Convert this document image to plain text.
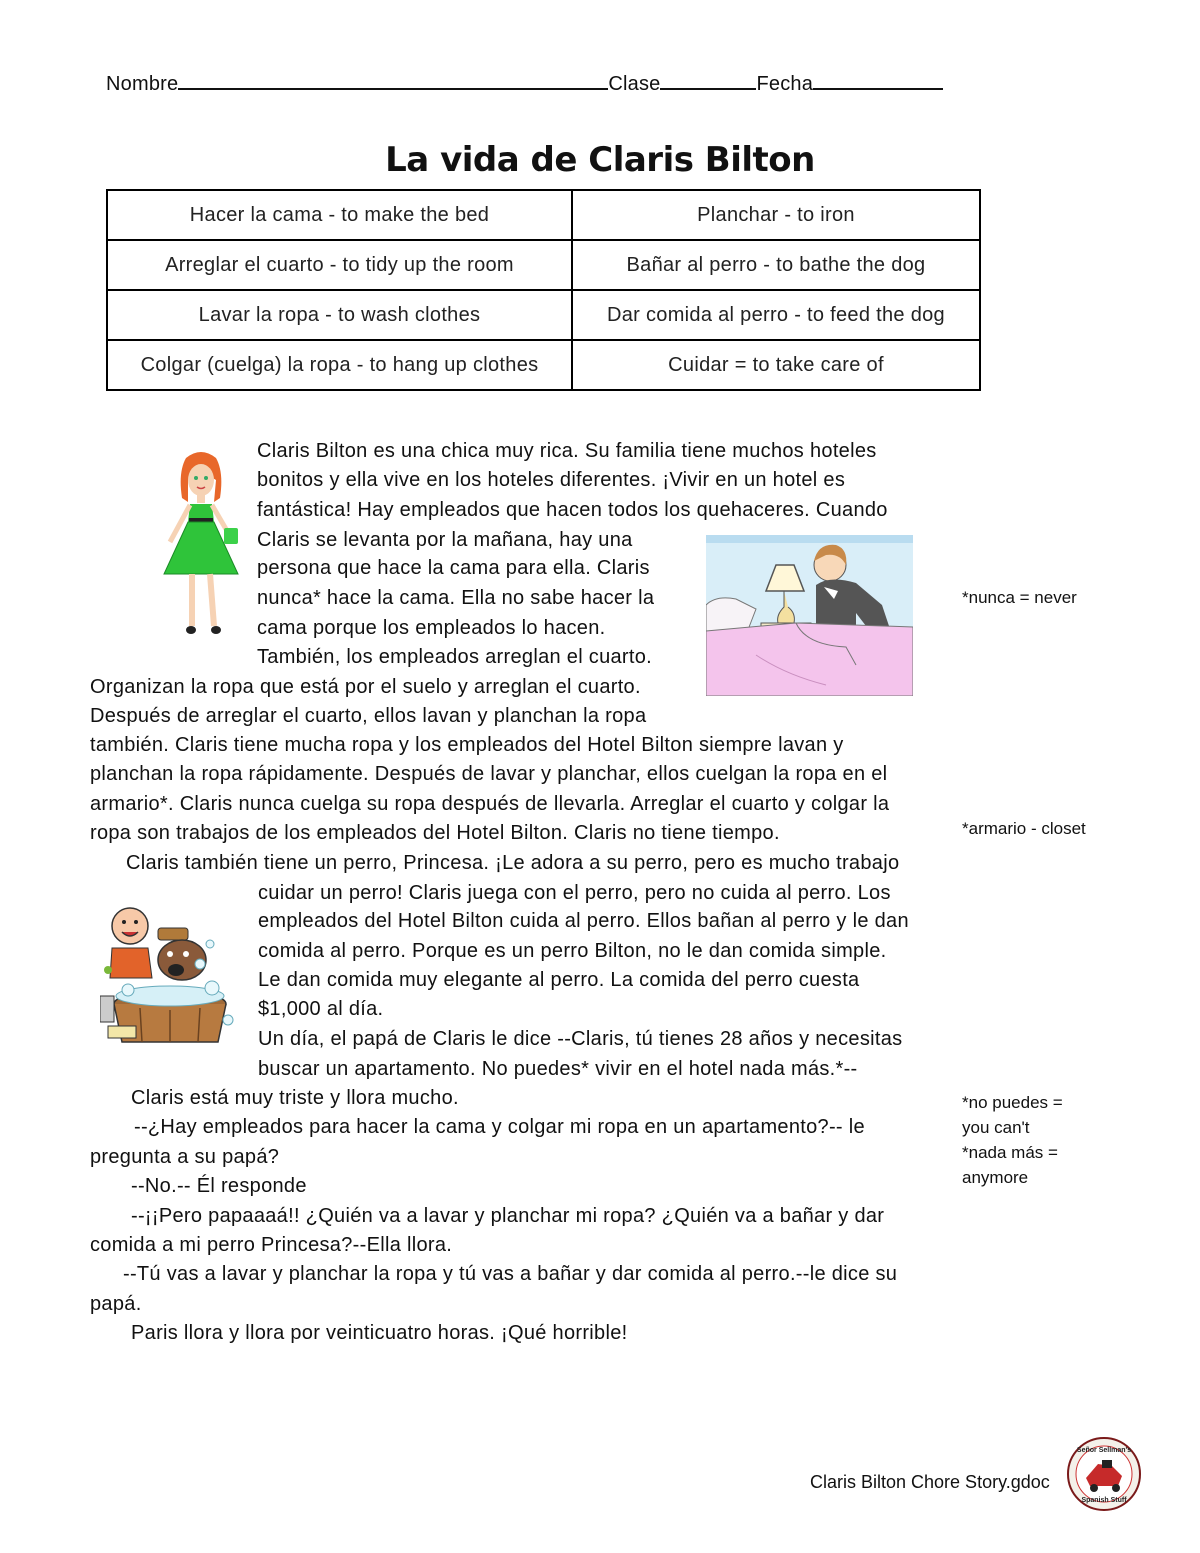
Nombre	Clase	Fecha
La vida de Claris Bilton
Hacer la cama - to make the bed	Planchar - to iron
Arreglar el cuarto - to tidy up the room	Bañar al perro - to bathe the dog
Lavar la ropa - to wash clothes	Dar comida al perro - to feed the dog
Colgar (cuelga) la ropa - to hang up clothes	Cuidar = to take care of
Claris Bilton es una chica muy rica. Su familia tiene muchos hoteles
bonitos y ella vive en los hoteles diferentes. ¡Vivir en un hotel es
fantástica! Hay empleados que hacen todos los quehaceres. Cuando
Claris se levanta por la mañana, hay una
persona que hace la cama para ella. Claris
nunca* hace la cama. Ella no sabe hacer la
cama porque los empleados lo hacen.
También, los empleados arreglan el cuarto.
Organizan la ropa que está por el suelo y arreglan el cuarto.
Después de arreglar el cuarto, ellos lavan y planchan la ropa
también. Claris tiene mucha ropa y los empleados del Hotel Bilton siempre lavan y
planchan la ropa rápidamente. Después de lavar y planchar, ellos cuelgan la ropa en el
armario*. Claris nunca cuelga su ropa después de llevarla. Arreglar el cuarto y colgar la
ropa son trabajos de los empleados del Hotel Bilton. Claris no tiene tiempo.
Claris también tiene un perro, Princesa. ¡Le adora a su perro, pero es mucho trabajo
cuidar un perro! Claris juega con el perro, pero no cuida al perro. Los
empleados del Hotel Bilton cuida al perro. Ellos bañan al perro y le dan
comida al perro. Porque es un perro Bilton, no le dan comida simple.
Le dan comida muy elegante al perro. La comida del perro cuesta
$1,000 al día.
Un día, el papá de Claris le dice --Claris, tú tienes 28 años y necesitas
buscar un apartamento. No puedes* vivir en el hotel nada más.*--
Claris está muy triste y llora mucho.
--¿Hay empleados para hacer la cama y colgar mi ropa en un apartamento?-- le
pregunta a su papá?
--No.-- Él responde
--¡¡Pero papaaaá!! ¿Quién va a lavar y planchar mi ropa? ¿Quién va a bañar y dar
comida a mi perro Princesa?--Ella llora.
--Tú vas a lavar y planchar la ropa y tú vas a bañar y dar comida al perro.--le dice su
papá.
Paris llora y llora por veinticuatro horas. ¡Qué horrible!
*nunca = never
*armario - closet
*no puedes =
you can't
*nada más =
anymore
Claris Bilton Chore Story.gdoc
Señor Sellman's
Spanish Stuff
